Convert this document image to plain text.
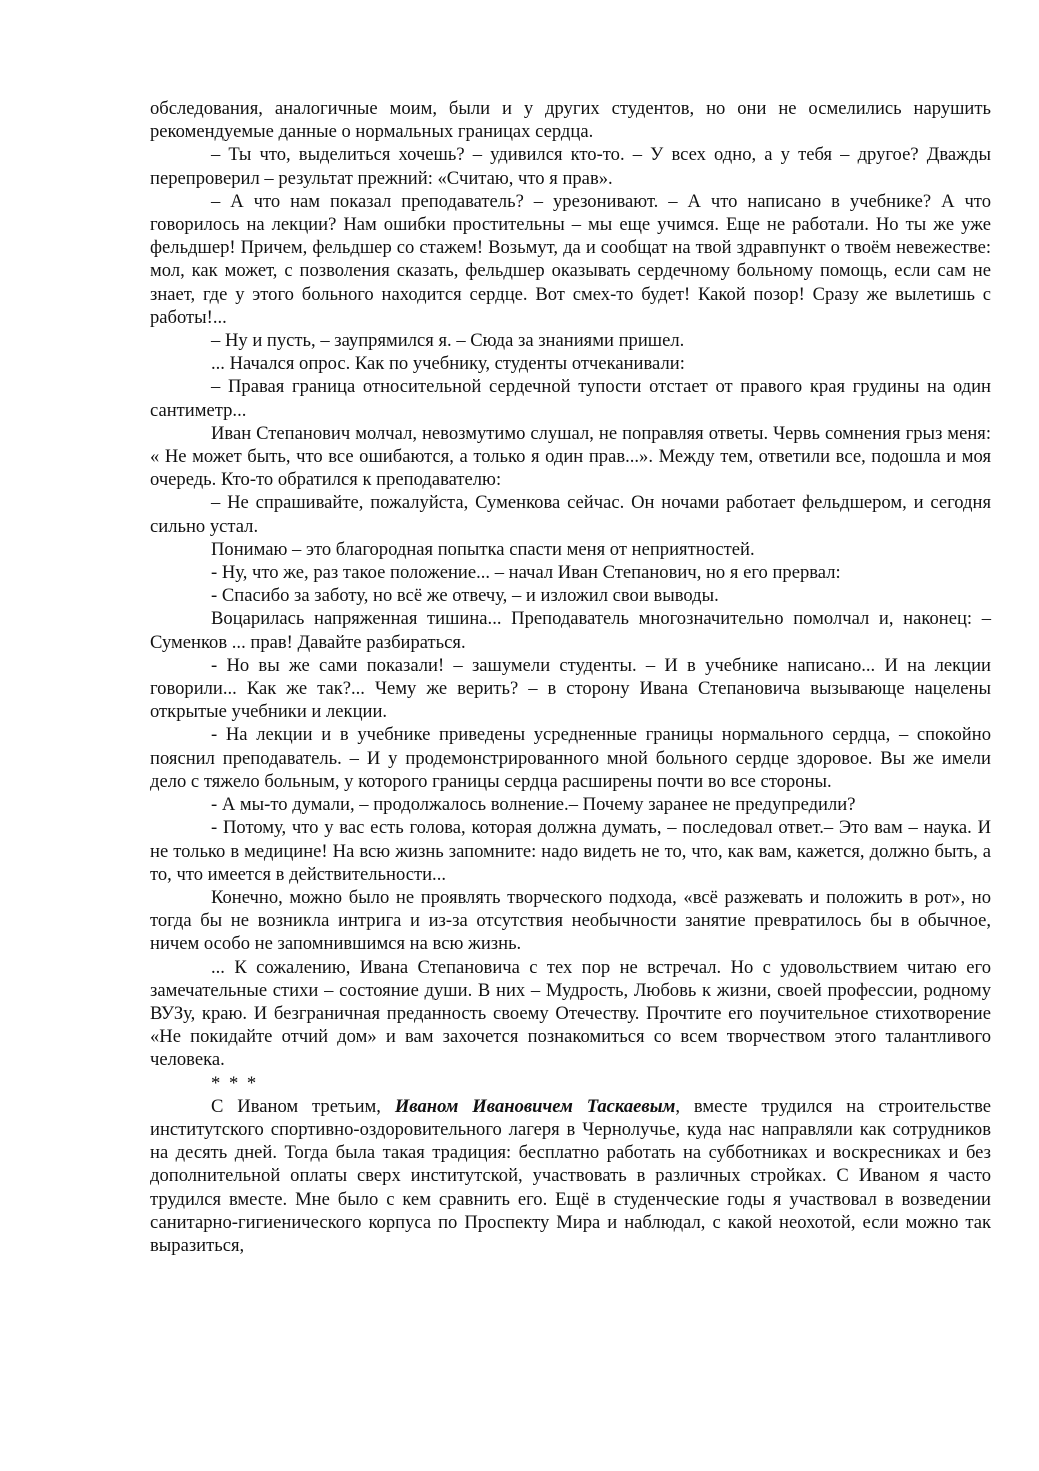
обследования, аналогичные моим, были и у других студентов, но они не осмелились нарушить рекомендуемые данные о нормальных границах сердца.

– Ты что, выделиться хочешь? – удивился кто-то. – У всех одно, а у тебя – другое? Дважды перепроверил – результат прежний: «Считаю, что я прав».

– А что нам показал преподаватель? – урезонивают. – А что написано в учебнике? А что говорилось на лекции? Нам ошибки простительны – мы еще учимся. Еще не работали. Но ты же уже фельдшер! Причем, фельдшер со стажем! Возьмут, да и сообщат на твой здравпункт о твоём невежестве: мол, как может, с позволения сказать, фельдшер оказывать сердечному больному помощь, если сам не знает, где у этого больного находится сердце. Вот смех-то будет! Какой позор! Сразу же вылетишь с работы!...

– Ну и пусть, – заупрямился я. – Сюда за знаниями пришел.

... Начался опрос. Как по учебнику, студенты отчеканивали:

– Правая граница относительной сердечной тупости отстает от правого края грудины на один сантиметр...

Иван Степанович молчал, невозмутимо слушал, не поправляя ответы. Червь сомнения грыз меня: « Не может быть, что все ошибаются, а только я один прав...». Между тем, ответили все, подошла и моя очередь. Кто-то обратился к преподавателю:

– Не спрашивайте, пожалуйста, Суменкова сейчас. Он ночами работает фельдшером, и сегодня сильно устал.

Понимаю – это благородная попытка спасти меня от неприятностей.

- Ну, что же, раз такое положение... – начал Иван Степанович, но я его прервал:

- Спасибо за заботу, но всё же отвечу, – и изложил свои выводы.

Воцарилась напряженная тишина... Преподаватель многозначительно помолчал и, наконец: – Суменков ... прав! Давайте разбираться.

- Но вы же сами показали! – зашумели студенты. – И в учебнике написано... И на лекции говорили... Как же так?... Чему же верить? – в сторону Ивана Степановича вызывающе нацелены открытые учебники и лекции.

- На лекции и в учебнике приведены усредненные границы нормального сердца, – спокойно пояснил преподаватель. – И у продемонстрированного мной больного сердце здоровое. Вы же имели дело с тяжело больным, у которого границы сердца расширены почти во все стороны.

- А мы-то думали, – продолжалось волнение.– Почему заранее не предупредили?

- Потому, что у вас есть голова, которая должна думать, – последовал ответ.– Это вам – наука. И не только в медицине! На всю жизнь запомните: надо видеть не то, что, как вам, кажется, должно быть, а то, что имеется в действительности...

Конечно, можно было не проявлять творческого подхода, «всё разжевать и положить в рот», но тогда бы не возникла интрига и из-за отсутствия необычности занятие превратилось бы в обычное, ничем особо не запомнившимся на всю жизнь.

... К сожалению, Ивана Степановича с тех пор не встречал. Но с удовольствием читаю его замечательные стихи – состояние души. В них – Мудрость, Любовь к жизни, своей профессии, родному ВУЗу, краю. И безграничная преданность своему Отечеству. Прочтите его поучительное стихотворение «Не покидайте отчий дом» и вам захочется познакомиться со всем творчеством этого талантливого человека.

* * *

С Иваном третьим, Иваном Ивановичем Таскаевым, вместе трудился на строительстве институтского спортивно-оздоровительного лагеря в Чернолучье, куда нас направляли как сотрудников на десять дней. Тогда была такая традиция: бесплатно работать на субботниках и воскресниках и без дополнительной оплаты сверх институтской, участвовать в различных стройках. С Иваном я часто трудился вместе. Мне было с кем сравнить его. Ещё в студенческие годы я участвовал в возведении санитарно-гигиенического корпуса по Проспекту Мира и наблюдал, с какой неохотой, если можно так выразиться,
